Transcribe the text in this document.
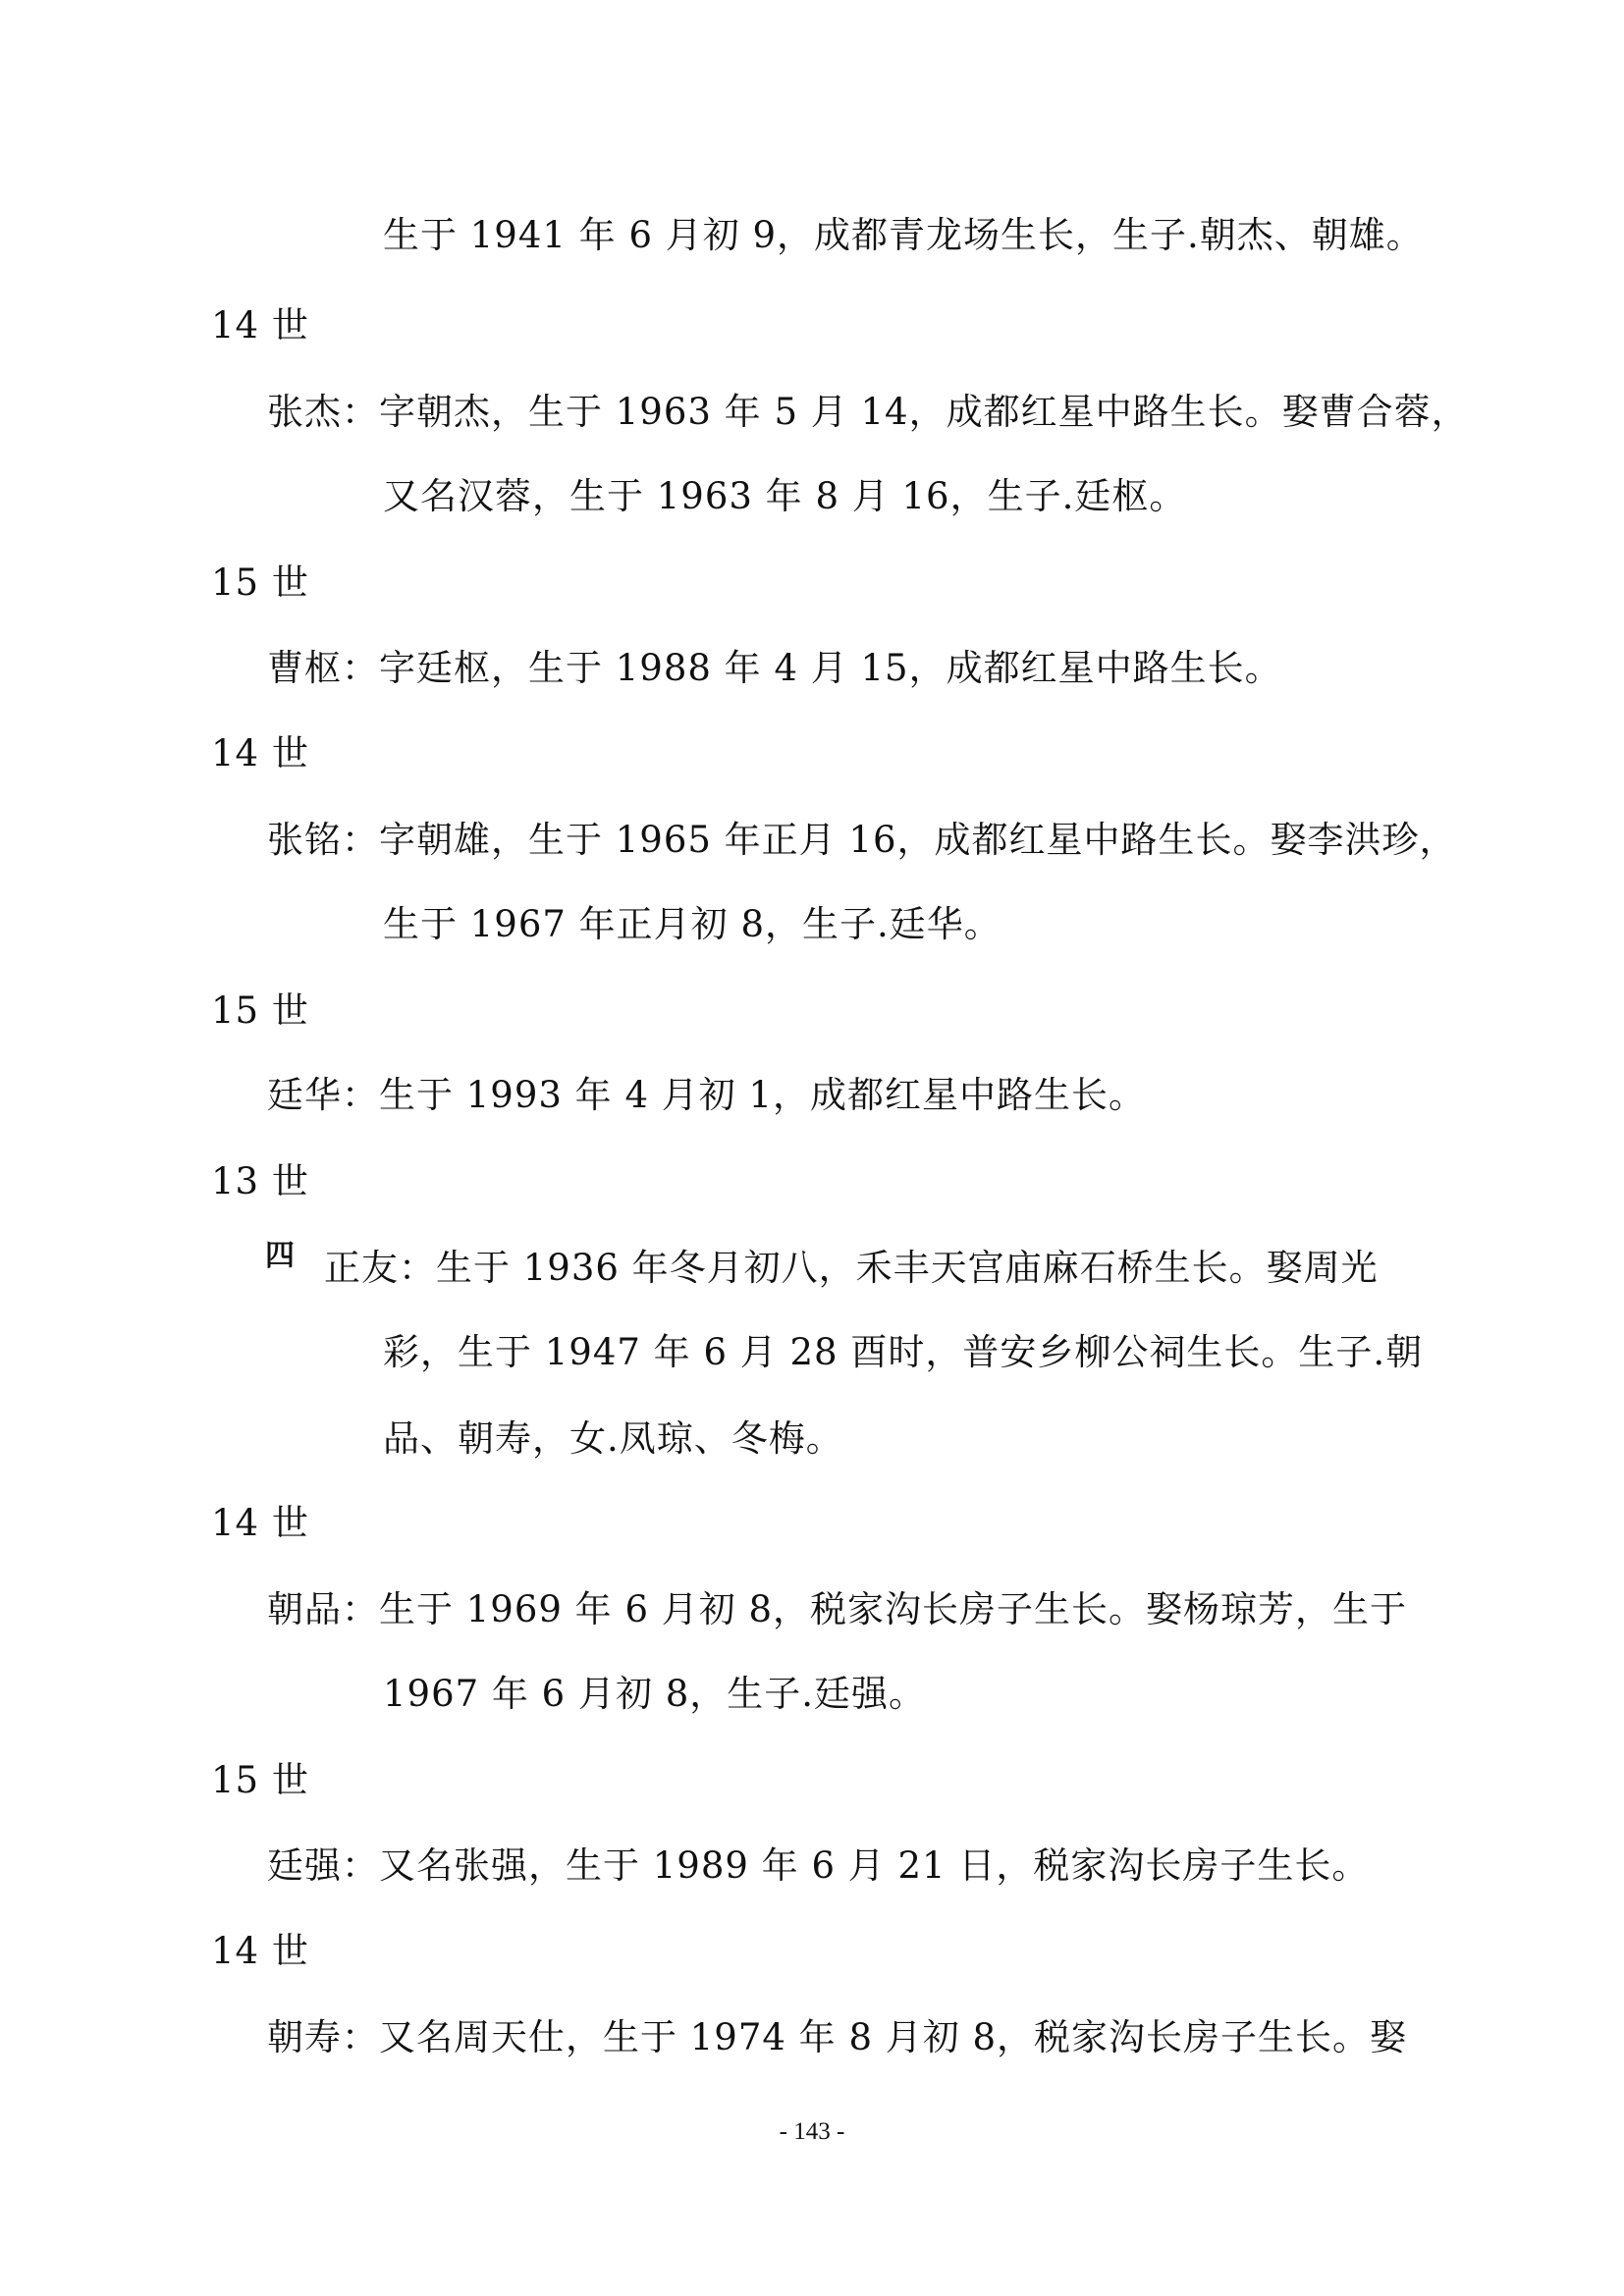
生于 1941 年 6 月初 9，成都青龙场生长，生子.朝杰、朝雄。
14 世
张杰：字朝杰，生于 1963 年 5 月 14，成都红星中路生长。娶曹合蓉，
又名汉蓉，生于 1963 年 8 月 16，生子.廷枢。
15 世
曹枢：字廷枢，生于 1988 年 4 月 15，成都红星中路生长。
14 世
张铭：字朝雄，生于 1965 年正月 16，成都红星中路生长。娶李洪珍，
生于 1967 年正月初 8，生子.廷华。
15 世
廷华：生于 1993 年 4 月初 1，成都红星中路生长。
13 世
四 正友：生于 1936 年冬月初八，禾丰天宫庙麻石桥生长。娶周光
彩，生于 1947 年 6 月 28 酉时，普安乡柳公祠生长。生子.朝
品、朝寿，女.凤琼、冬梅。
14 世
朝品：生于 1969 年 6 月初 8，税家沟长房子生长。娶杨琼芳，生于
1967 年 6 月初 8，生子.廷强。
15 世
廷强：又名张强，生于 1989 年 6 月 21 日，税家沟长房子生长。
14 世
朝寿：又名周天仕，生于 1974 年 8 月初 8，税家沟长房子生长。娶
- 143 -
